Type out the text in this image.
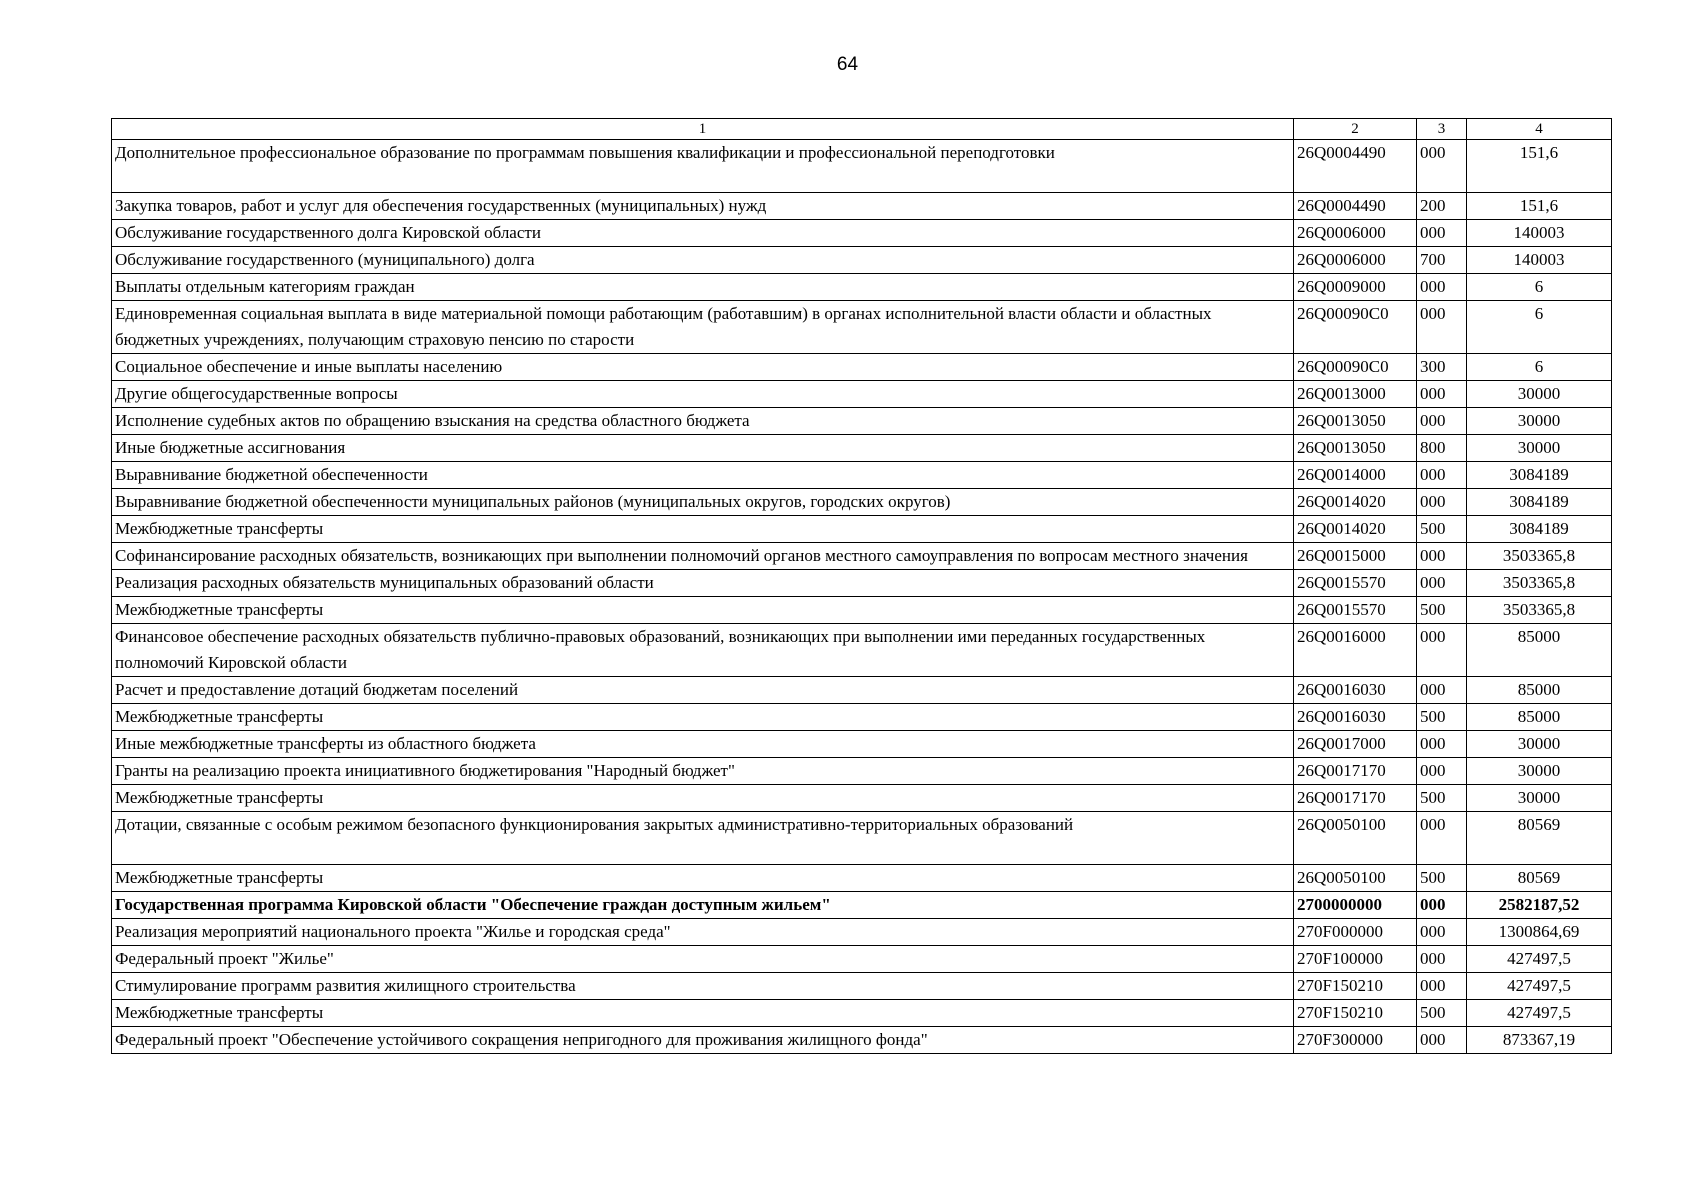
64
1	2	3	4
Дополнительное профессиональное образование по программам повышения квалификации и профессиональной переподготовки	26Q0004490	000	151,6
Закупка товаров, работ и услуг для обеспечения государственных (муниципальных) нужд	26Q0004490	200	151,6
Обслуживание государственного долга Кировской области	26Q0006000	000	140003
Обслуживание государственного (муниципального) долга	26Q0006000	700	140003
Выплаты отдельным категориям граждан	26Q0009000	000	6
Единовременная социальная выплата в виде материальной помощи работающим (работавшим) в органах исполнительной власти области и областных бюджетных учреждениях, получающим страховую пенсию по старости	26Q00090C0	000	6
Социальное обеспечение и иные выплаты населению	26Q00090C0	300	6
Другие общегосударственные вопросы	26Q0013000	000	30000
Исполнение судебных актов по обращению взыскания на средства областного бюджета	26Q0013050	000	30000
Иные бюджетные ассигнования	26Q0013050	800	30000
Выравнивание бюджетной обеспеченности	26Q0014000	000	3084189
Выравнивание бюджетной обеспеченности муниципальных районов (муниципальных округов, городских округов)	26Q0014020	000	3084189
Межбюджетные трансферты	26Q0014020	500	3084189
Софинансирование расходных обязательств, возникающих при выполнении полномочий органов местного самоуправления по вопросам местного значения	26Q0015000	000	3503365,8
Реализация расходных обязательств муниципальных образований области	26Q0015570	000	3503365,8
Межбюджетные трансферты	26Q0015570	500	3503365,8
Финансовое обеспечение расходных обязательств публично-правовых образований, возникающих при выполнении ими переданных государственных полномочий Кировской области	26Q0016000	000	85000
Расчет и предоставление дотаций бюджетам поселений	26Q0016030	000	85000
Межбюджетные трансферты	26Q0016030	500	85000
Иные межбюджетные трансферты из областного бюджета	26Q0017000	000	30000
Гранты на реализацию проекта инициативного бюджетирования "Народный бюджет"	26Q0017170	000	30000
Межбюджетные трансферты	26Q0017170	500	30000
Дотации, связанные с особым режимом безопасного функционирования закрытых административно-территориальных образований	26Q0050100	000	80569
Межбюджетные трансферты	26Q0050100	500	80569
Государственная программа Кировской области "Обеспечение граждан доступным жильем"	2700000000	000	2582187,52
Реализация мероприятий национального проекта "Жилье и городская среда"	270F000000	000	1300864,69
Федеральный проект "Жилье"	270F100000	000	427497,5
Стимулирование программ развития жилищного строительства	270F150210	000	427497,5
Межбюджетные трансферты	270F150210	500	427497,5
Федеральный проект "Обеспечение устойчивого сокращения непригодного для проживания жилищного фонда"	270F300000	000	873367,19
